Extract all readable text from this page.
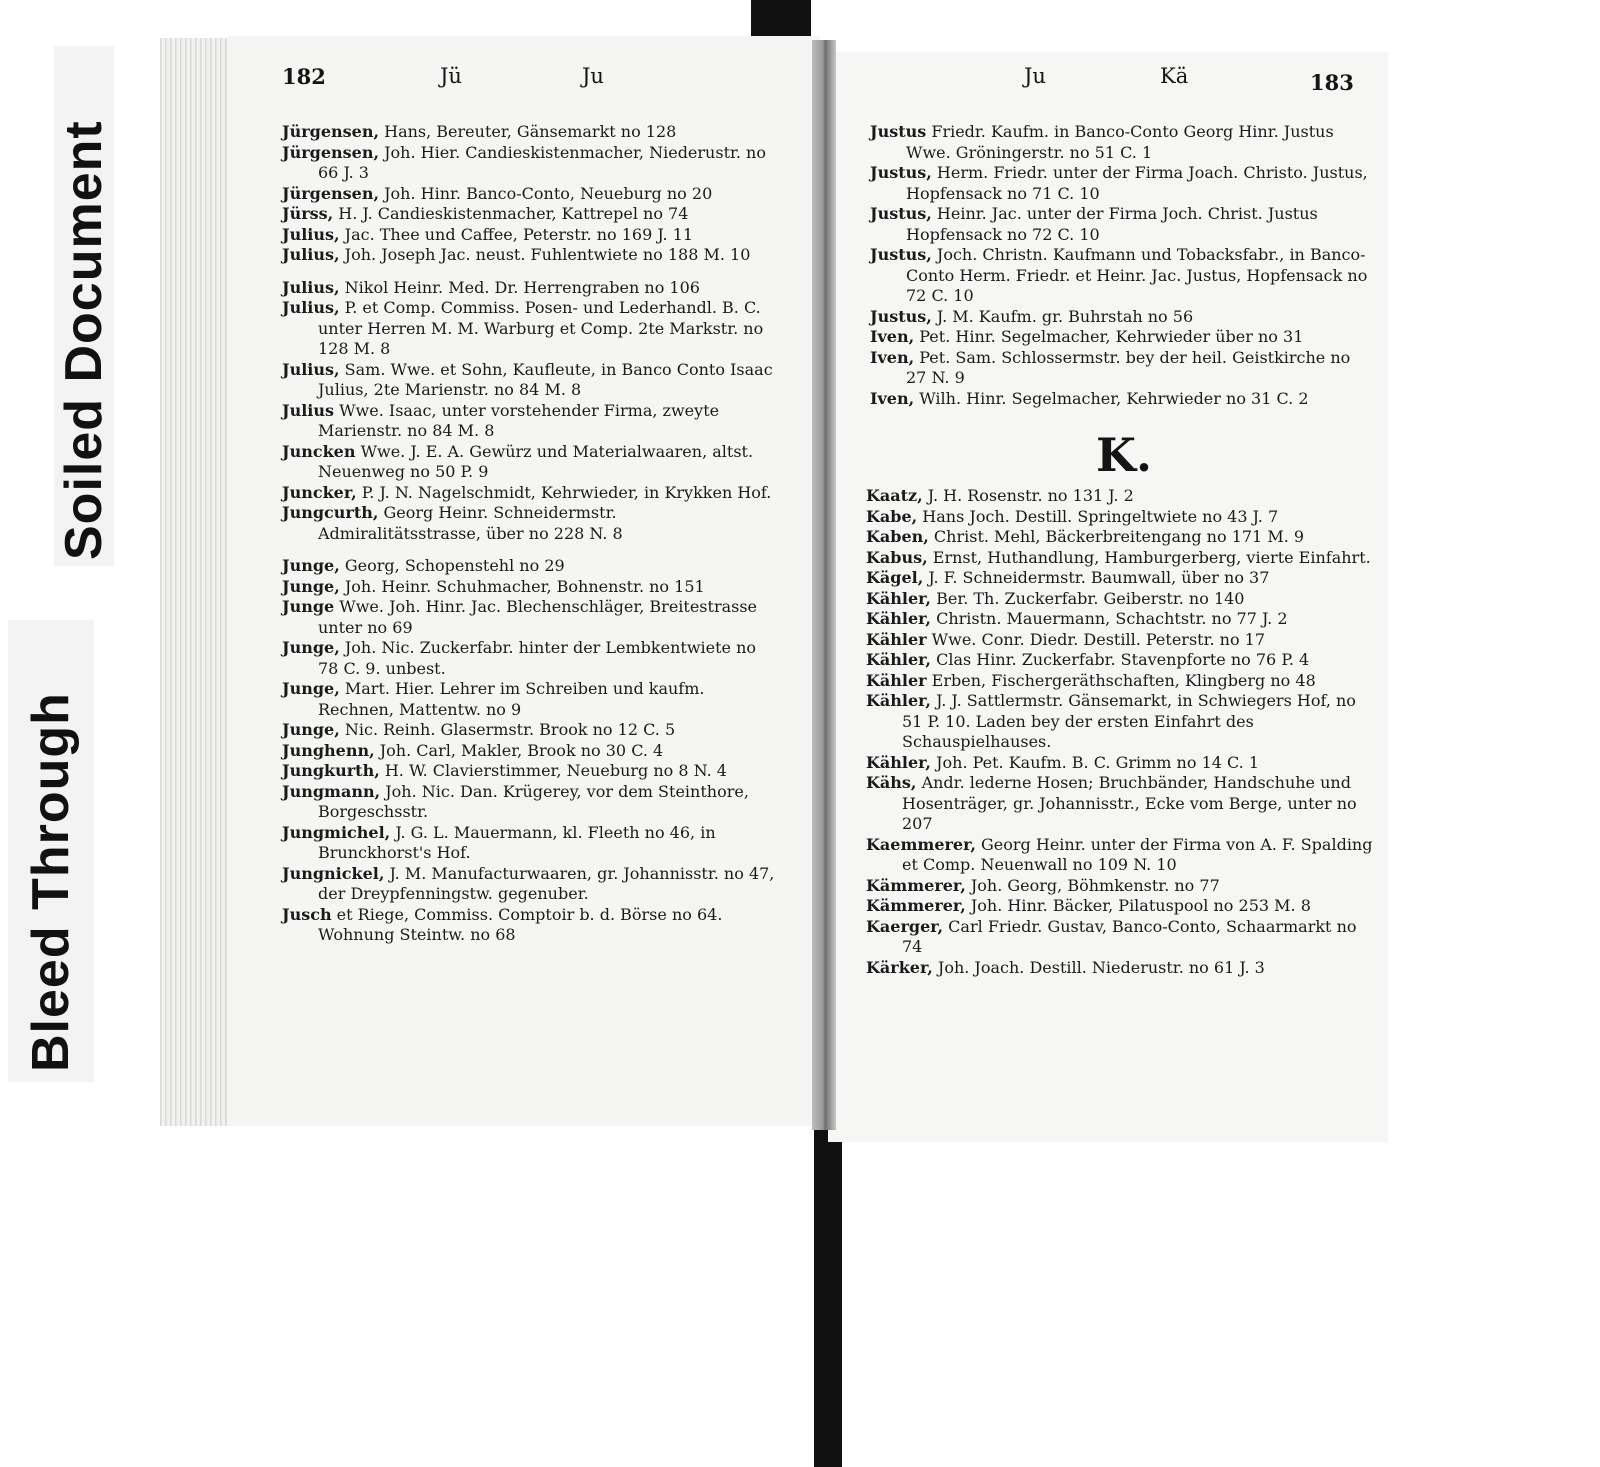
Bleed Through
Soiled Document
182	Jü	Ju	Ju	Kä	183
Jürgensen, Hans, Bereuter, Gänsemarkt no 128
Jürgensen, Joh. Hier. Candieskistenmacher, Niederustr. no 66 J. 3
Jürgensen, Joh. Hinr. Banco-Conto, Neueburg no 20
Jürss, H. J. Candieskistenmacher, Kattrepel no 74
Julius, Jac. Thee und Caffee, Peterstr. no 169 J. 11
Julius, Joh. Joseph Jac. neust. Fuhlentwiete no 188 M. 10
Julius, Nikol Heinr. Med. Dr. Herrengraben no 106
Julius, P. et Comp. Commiss. Posen- und Lederhandl. B. C. unter Herren M. M. Warburg et Comp. 2te Markstr. no 128 M. 8
Julius, Sam. Wwe. et Sohn, Kaufleute, in Banco Conto Isaac Julius, 2te Marienstr. no 84 M. 8
Julius Wwe. Isaac, unter vorstehender Firma, zweyte Marienstr. no 84 M. 8
Juncken Wwe. J. E. A. Gewürz und Materialwaaren, altst. Neuenweg no 50 P. 9
Juncker, P. J. N. Nagelschmidt, Kehrwieder, in Krykken Hof.
Jungcurth, Georg Heinr. Schneidermstr. Admiralitätsstrasse, über no 228 N. 8
Junge, Georg, Schopenstehl no 29
Junge, Joh. Heinr. Schuhmacher, Bohnenstr. no 151
Junge Wwe. Joh. Hinr. Jac. Blechenschläger, Breitestrasse unter no 69
Junge, Joh. Nic. Zuckerfabr. hinter der Lembkentwiete no 78 C. 9. unbest.
Junge, Mart. Hier. Lehrer im Schreiben und kaufm. Rechnen, Mattentw. no 9
Junge, Nic. Reinh. Glasermstr. Brook no 12 C. 5
Junghenn, Joh. Carl, Makler, Brook no 30 C. 4
Jungkurth, H. W. Clavierstimmer, Neueburg no 8 N. 4
Jungmann, Joh. Nic. Dan. Krügerey, vor dem Steinthore, Borgeschsstr.
Jungmichel, J. G. L. Mauermann, kl. Fleeth no 46, in Brunckhorst's Hof.
Jungnickel, J. M. Manufacturwaaren, gr. Johannisstr. no 47, der Dreypfenningstw. gegenuber.
Jusch et Riege, Commiss. Comptoir b. d. Börse no 64. Wohnung Steintw. no 68
Justus Friedr. Kaufm. in Banco-Conto Georg Hinr. Justus Wwe. Gröningerstr. no 51 C. 1
Justus, Herm. Friedr. unter der Firma Joach. Christo. Justus, Hopfensack no 71 C. 10
Justus, Heinr. Jac. unter der Firma Joch. Christ. Justus Hopfensack no 72 C. 10
Justus, Joch. Christn. Kaufmann und Tobacksfabr., in Banco-Conto Herm. Friedr. et Heinr. Jac. Justus, Hopfensack no 72 C. 10
Justus, J. M. Kaufm. gr. Buhrstah no 56
Iven, Pet. Hinr. Segelmacher, Kehrwieder über no 31
Iven, Pet. Sam. Schlossermstr. bey der heil. Geistkirche no 27 N. 9
Iven, Wilh. Hinr. Segelmacher, Kehrwieder no 31 C. 2
K.
Kaatz, J. H. Rosenstr. no 131 J. 2
Kabe, Hans Joch. Destill. Springeltwiete no 43 J. 7
Kaben, Christ. Mehl, Bäckerbreitengang no 171 M. 9
Kabus, Ernst, Huthandlung, Hamburgerberg, vierte Einfahrt.
Kägel, J. F. Schneidermstr. Baumwall, über no 37
Kähler, Ber. Th. Zuckerfabr. Geiberstr. no 140
Kähler, Christn. Mauermann, Schachtstr. no 77 J. 2
Kähler Wwe. Conr. Diedr. Destill. Peterstr. no 17
Kähler, Clas Hinr. Zuckerfabr. Stavenpforte no 76 P. 4
Kähler Erben, Fischergeräthschaften, Klingberg no 48
Kähler, J. J. Sattlermstr. Gänsemarkt, in Schwiegers Hof, no 51 P. 10. Laden bey der ersten Einfahrt des Schauspielhauses.
Kähler, Joh. Pet. Kaufm. B. C. Grimm no 14 C. 1
Kähs, Andr. lederne Hosen; Bruchbänder, Handschuhe und Hosenträger, gr. Johannisstr., Ecke vom Berge, unter no 207
Kaemmerer, Georg Heinr. unter der Firma von A. F. Spalding et Comp. Neuenwall no 109 N. 10
Kämmerer, Joh. Georg, Böhmkenstr. no 77
Kämmerer, Joh. Hinr. Bäcker, Pilatuspool no 253 M. 8
Kaerger, Carl Friedr. Gustav, Banco-Conto, Schaarmarkt no 74
Kärker, Joh. Joach. Destill. Niederustr. no 61 J. 3
